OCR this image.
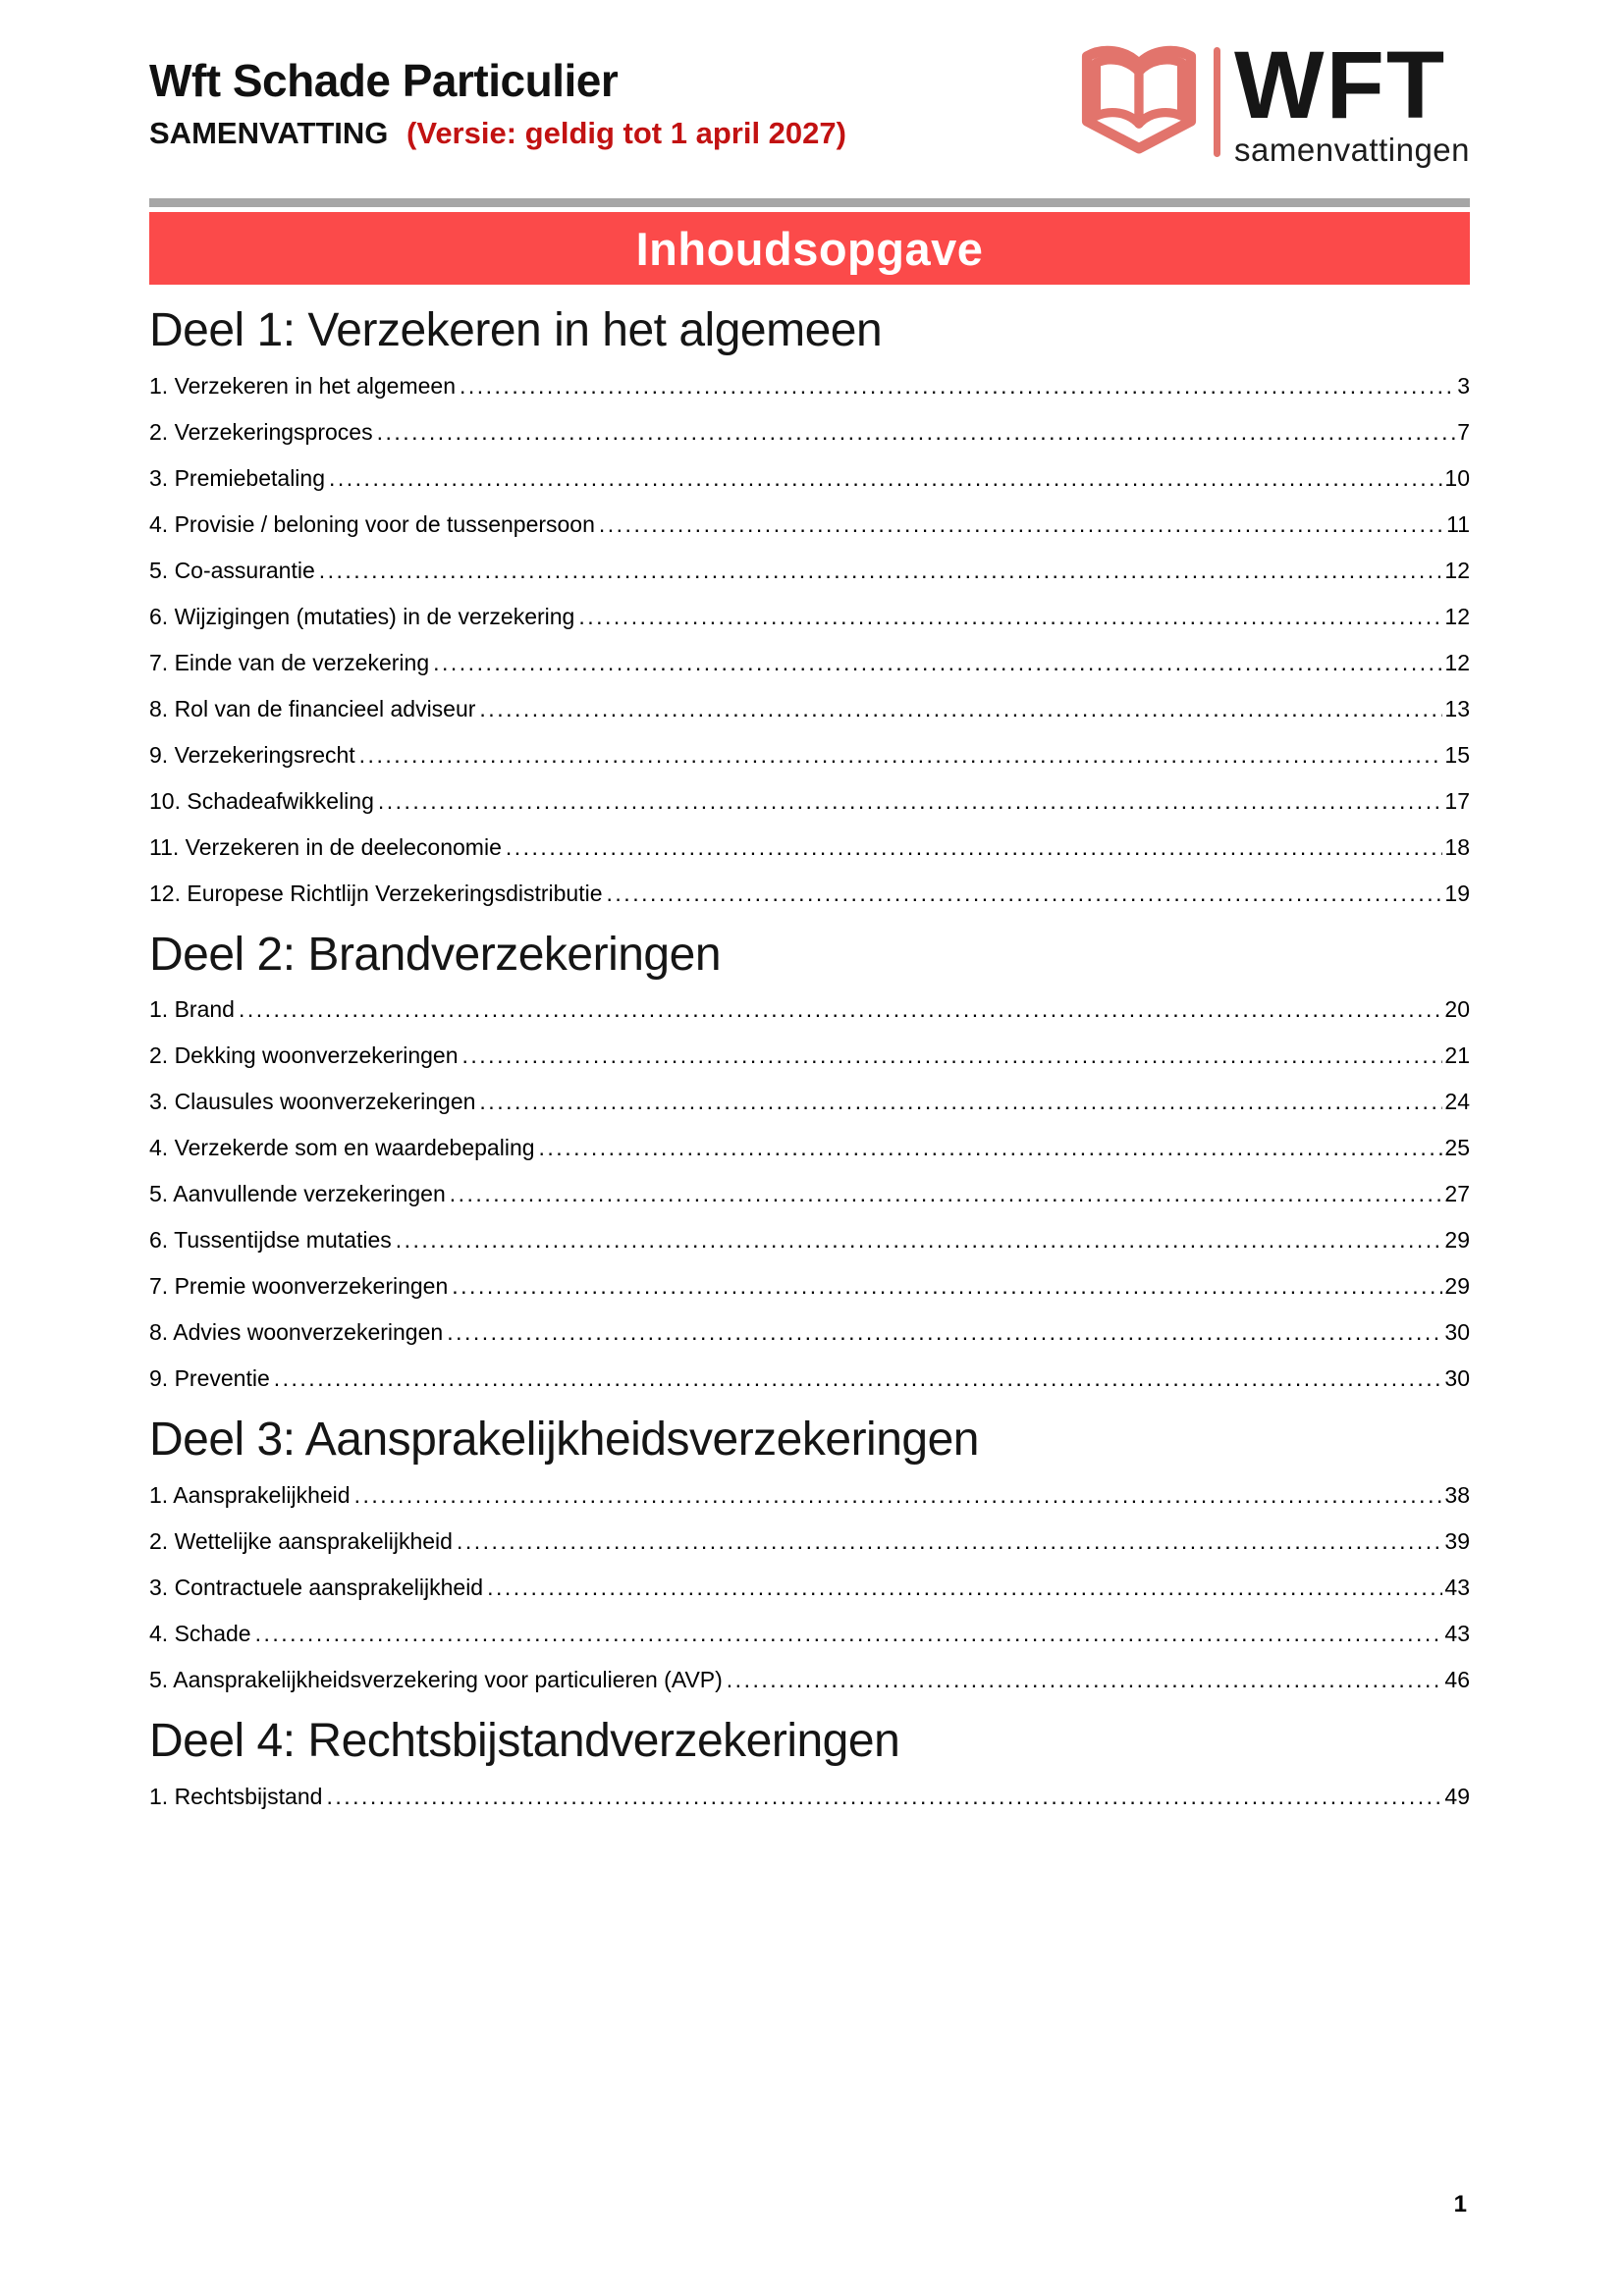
Wft Schade Particulier
SAMENVATTING (Versie: geldig tot 1 april 2027)	WFT
samenvattingen
Inhoudsopgave
Deel 1: Verzekeren in het algemeen
1. Verzekeren in het algemeen .....	3
2. Verzekeringsproces .....	7
3. Premiebetaling .....	10
4. Provisie / beloning voor de tussenpersoon .....	11
5. Co-assurantie .....	12
6. Wijzigingen (mutaties) in de verzekering .....	12
7. Einde van de verzekering .....	12
8. Rol van de financieel adviseur .....	13
9. Verzekeringsrecht .....	15
10. Schadeafwikkeling .....	17
11. Verzekeren in de deeleconomie .....	18
12. Europese Richtlijn Verzekeringsdistributie .....	19
Deel 2: Brandverzekeringen
1. Brand .....	20
2. Dekking woonverzekeringen .....	21
3. Clausules woonverzekeringen .....	24
4. Verzekerde som en waardebepaling .....	25
5. Aanvullende verzekeringen .....	27
6. Tussentijdse mutaties .....	29
7. Premie woonverzekeringen .....	29
8. Advies woonverzekeringen .....	30
9. Preventie .....	30
Deel 3: Aansprakelijkheidsverzekeringen
1. Aansprakelijkheid .....	38
2. Wettelijke aansprakelijkheid .....	39
3. Contractuele aansprakelijkheid .....	43
4. Schade .....	43
5. Aansprakelijkheidsverzekering voor particulieren (AVP) .....	46
Deel 4: Rechtsbijstandverzekeringen
1. Rechtsbijstand .....	49
1
